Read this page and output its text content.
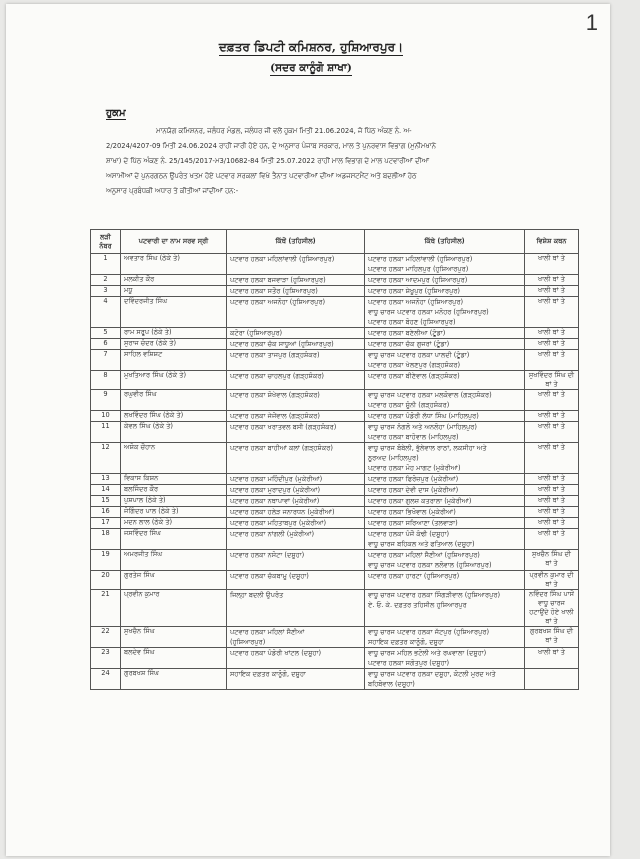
1
ਦਫ਼ਤਰ ਡਿਪਟੀ ਕਮਿਸ਼ਨਰ, ਹੁਸ਼ਿਆਰਪੁਰ।
(ਸਦਰ ਕਾਨੂੰਗੋ ਸ਼ਾਖਾ)
ਹੁਕਮ
ਮਾਨਯੋਗ ਕਮਿਸ਼ਨਰ, ਜਲੰਧਰ ਮੰਡਲ, ਜਲੰਧਰ ਜੀ ਵਲੋਂ ਹੁਕਮ ਮਿਤੀ 21.06.2024, ਜੋ ਪਿੱਠ ਅੰਕਣ ਨੰ. ਅ-
2/2024/4207-09 ਮਿਤੀ 24.06.2024 ਰਾਹੀਂ ਜਾਰੀ ਹੋਏ ਹਨ, ਦੇ ਅਨੁਸਾਰ ਪੰਜਾਬ ਸਰਕਾਰ, ਮਾਲ ਤੇ ਪੁਨਰਵਾਸ ਵਿਭਾਗ (ਮੁਨੀਮਖਾਨੇ
ਸ਼ਾਖਾ) ਦੇ ਪਿੱਠ ਅੰਕਣ ਨੰ. 25/145/2017-ਮ3/10682-84 ਮਿਤੀ 25.07.2022 ਰਾਹੀਂ ਮਾਲ ਵਿਭਾਗ ਦੇ ਮਾਲ ਪਟਵਾਰੀਆਂ ਦੀਆਂ
ਅਸਾਮੀਆਂ ਦੇ ਪੁਨਰਗਠਨ ਉਪਰੰਤ ਖਤਮ ਹੋਏ ਪਟਵਾਰ ਸਰਕਲਾਂ ਵਿਖੇ ਤੈਨਾਤ ਪਟਵਾਰੀਆਂ ਦੀਆਂ ਅਡਜਸਟਮੈਂਟ ਅਤੇ ਬਦਲੀਆਂ ਹੇਠ
ਅਨੁਸਾਰ ਪ੍ਰਬੰਧਕੀ ਅਧਾਰ ਤੇ ਕੀਤੀਆਂ ਜਾਂਦੀਆਂ ਹਨ:-
ਲੜੀ ਨੰਬਰ	ਪਟਵਾਰੀ ਦਾ ਨਾਮ ਸਰਵ ਸ੍ਰੀ	ਕਿੱਥੋਂ (ਤਹਿਸੀਲ)	ਕਿੱਥੇ (ਤਹਿਸੀਲ)	ਵਿਸ਼ੇਸ਼ ਕਥਨ
1	ਅਵਤਾਰ ਸਿੰਘ (ਠੇਕੇ ਤੇ)	ਪਟਵਾਰ ਹਲਕਾ ਮਹਿਲਾਂਵਾਲੀ (ਹੁਸ਼ਿਆਰਪੁਰ)	ਪਟਵਾਰ ਹਲਕਾ ਮਹਿਲਾਂਵਾਲੀ (ਹੁਸ਼ਿਆਰਪੁਰ)
ਪਟਵਾਰ ਹਲਕਾ ਮਾਹਿਲਪੁਰ (ਹੁਸ਼ਿਆਰਪੁਰ)	ਖਾਲੀ ਥਾਂ ਤੇ
2	ਮਲਕੀਤ ਕੌਰ	ਪਟਵਾਰ ਹਲਕਾ ਬਜਵਾੜਾ (ਹੁਸ਼ਿਆਰਪੁਰ)	ਪਟਵਾਰ ਹਲਕਾ ਆਦਮਪੁਰ (ਹੁਸ਼ਿਆਰਪੁਰ)	ਖਾਲੀ ਥਾਂ ਤੇ
3	ਮਧੂ	ਪਟਵਾਰ ਹਲਕਾ ਸਤੌਰ (ਹੁਸ਼ਿਆਰਪੁਰ)	ਪਟਵਾਰ ਹਲਕਾ ਸ਼ੇਖੂਪੁਰ (ਹੁਸ਼ਿਆਰਪੁਰ)	ਖਾਲੀ ਥਾਂ ਤੇ
4	ਦਵਿੰਦਰਜੀਤ ਸਿੰਘ	ਪਟਵਾਰ ਹਲਕਾ ਅਜਨੋਹਾ (ਹੁਸ਼ਿਆਰਪੁਰ)	ਪਟਵਾਰ ਹਲਕਾ ਅਜਨੋਹਾ (ਹੁਸ਼ਿਆਰਪੁਰ)
ਵਾਧੂ ਚਾਰਜ ਪਟਵਾਰ ਹਲਕਾ ਮਨੋਹਰ (ਹੁਸ਼ਿਆਰਪੁਰ)
ਪਟਵਾਰ ਹਲਕਾ ਬੋਹਣ (ਹੁਸ਼ਿਆਰਪੁਰ)	ਖਾਲੀ ਥਾਂ ਤੇ
5	ਰਾਮ ਸਰੂਪ (ਠੇਕੇ ਤੇ)	ਕਟੋਰਾ (ਹੁਸ਼ਿਆਰਪੁਰ)	ਪਟਵਾਰ ਹਲਕਾ ਬਣੇਲੀਆ (ਟੂੰਡਾ)	ਖਾਲੀ ਥਾਂ ਤੇ
6	ਸੁਰਾਜ ਚੰਦਰ (ਠੇਕੇ ਤੇ)	ਪਟਵਾਰ ਹਲਕਾ ਚੱਕ ਸਾਧੂਆਂ (ਹੁਸ਼ਿਆਰਪੁਰ)	ਪਟਵਾਰ ਹਲਕਾ ਚੱਕ ਗੁਜਰਾਂ (ਟੂੰਡਾ)	ਖਾਲੀ ਥਾਂ ਤੇ
7	ਸਾਹਿਲ ਵਸ਼ਿਸ਼ਟ	ਪਟਵਾਰ ਹਲਕਾ ਤਾਜਪੁਰ (ਗੜ੍ਹਸ਼ੰਕਰ)	ਵਾਧੂ ਚਾਰਜ ਪਟਵਾਰ ਹਲਕਾ ਪਾਲਦੀ (ਟੂੰਡਾ)
ਪਟਵਾਰ ਹਲਕਾ ਖੇਲਣਪੁਰ (ਗੜ੍ਹਸ਼ੰਕਰ)	ਖਾਲੀ ਥਾਂ ਤੇ
8	ਮੁਖਤਿਆਰ ਸਿੰਘ (ਠੇਕੇ ਤੇ)	ਪਟਵਾਰ ਹਲਕਾ ਚਾਹਲਪੁਰ (ਗੜ੍ਹਸ਼ੰਕਰ)	ਪਟਵਾਰ ਹਲਕਾ ਬੀਣੇਵਾਲ (ਗੜ੍ਹਸ਼ੰਕਰ)	ਸੁਖਵਿੰਦਰ ਸਿੰਘ ਦੀ ਥਾਂ ਤੇ
9	ਰਘੁਵੀਰ ਸਿੰਘ	ਪਟਵਾਰ ਹਲਕਾ ਸ਼ੋਖੇਵਾਲ (ਗੜ੍ਹਸ਼ੰਕਰ)	ਵਾਧੂ ਚਾਰਜ ਪਟਵਾਰ ਹਲਕਾ ਮਲਕੋਵਾਲ (ਗੜ੍ਹਸ਼ੰਕਰ)
ਪਟਵਾਰ ਹਲਕਾ ਸੂੰਨੀ (ਗੜ੍ਹਸ਼ੰਕਰ)	ਖਾਲੀ ਥਾਂ ਤੇ
10	ਲਖਵਿੰਦਰ ਸਿੰਘ (ਠੇਕੇ ਤੇ)	ਪਟਵਾਰ ਹਲਕਾ ਜੇਜੋਂਵਾਲ (ਗੜ੍ਹਸ਼ੰਕਰ)	ਪਟਵਾਰ ਹਲਕਾ ਪੰਡੋਰੀ ਲੱਧਾ ਸਿੰਘ (ਮਾਹਿਲਪੁਰ)	ਖਾਲੀ ਥਾਂ ਤੇ
11	ਕੇਵਲ ਸਿੰਘ (ਠੇਕੇ ਤੇ)	ਪਟਵਾਰ ਹਲਕਾ ਖਰਾਤਵਲ ਬਸੀ (ਗੜ੍ਹਸ਼ੰਕਰ)	ਵਾਧੂ ਚਾਰਜ ਨੰਗਲੋ ਅਤੇ ਅਨਲੋਹਾ (ਮਾਹਿਲਪੁਰ)
ਪਟਵਾਰ ਹਲਕਾ ਬਾਹੋਵਾਲ (ਮਾਹਿਲਪੁਰ)	ਖਾਲੀ ਥਾਂ ਤੇ
12	ਅਸ਼ੋਕ ਚੌਹਾਨ	ਪਟਵਾਰ ਹਲਕਾ ਬਾਹੀਆਂ ਕਲਾਂ (ਗੜ੍ਹਸ਼ੰਕਰ)	ਵਾਧੂ ਚਾਰਜ ਬੰਬੇਲੀ, ਭੁੱਲੇਵਾਲ ਰਾਠਾਂ, ਲਕਸੀਹਾ ਅਤੇ
ਨੂਰਅਦ (ਮਾਹਿਲਪੁਰ)
ਪਟਵਾਰ ਹਲਕਾ ਮੋਹ ਮਾਗਟ (ਮੁਕੇਰੀਆਂ)	ਖਾਲੀ ਥਾਂ ਤੇ
13	ਵਿਕਾਸ ਕਿਸ਼ਨ	ਪਟਵਾਰ ਹਲਕਾ ਮਹਿੰਦੀਪੁਰ (ਮੁਕੇਰੀਆਂ)	ਪਟਵਾਰ ਹਲਕਾ ਫਿਰੋਜ਼ਪੁਰ (ਮੁਕੇਰੀਆਂ)	ਖਾਲੀ ਥਾਂ ਤੇ
14	ਬਲਜਿੰਦਰ ਕੌਰ	ਪਟਵਾਰ ਹਲਕਾ ਮੁਰਾਦਪੁਰ (ਮੁਕੇਰੀਆਂ)	ਪਟਵਾਰ ਹਲਕਾ ਦੇਵੀ ਦਾਸ (ਮੁਕੇਰੀਆਂ)	ਖਾਲੀ ਥਾਂ ਤੇ
15	ਪੁਸ਼ਪਾਲ (ਠੇਕੇ ਤੇ)	ਪਟਵਾਰ ਹਲਕਾ ਨਥਾਪਾਵਾਂ (ਮੁਕੇਰੀਆਂ)	ਪਟਵਾਰ ਹਲਕਾ ਗੁਲਜ਼ ਕਤਰਾਲਾ (ਮੁਕੇਰੀਆਂ)	ਖਾਲੀ ਥਾਂ ਤੇ
16	ਜੋਗਿੰਦਰ ਪਾਲ (ਠੇਕੇ ਤੇ)	ਪਟਵਾਰ ਹਲਕਾ ਹਲੇੜ ਜਨਾਰਧਨ (ਮੁਕੇਰੀਆਂ)	ਪਟਵਾਰ ਹਲਕਾ ਭਿਖੋਵਾਲ (ਮੁਕੇਰੀਆਂ)	ਖਾਲੀ ਥਾਂ ਤੇ
17	ਮਦਨ ਲਾਲ (ਠੇਕੇ ਤੇ)	ਪਟਵਾਰ ਹਲਕਾ ਮਹਿਤਾਬਪੁਰ (ਮੁਕੇਰੀਆਂ)	ਪਟਵਾਰ ਹਲਕਾ ਸਰਿਆਣਾ (ਤਲਵਾੜਾ)	ਖਾਲੀ ਥਾਂ ਤੇ
18	ਜਸਵਿੰਦਰ ਸਿੰਘ	ਪਟਵਾਰ ਹਲਕਾ ਨਾਂਗਲੀ (ਮੁਕੇਰੀਆਂ)	ਪਟਵਾਰ ਹਲਕਾ ਪੰਜੌ ਕੰਢੀ (ਦਸੂਹਾ)
ਵਾਧੂ ਚਾਰਜ ਬਹਿਕਲ ਅਤੇ ਫਤਿਆਲ (ਦਸੂਹਾ)	ਖਾਲੀ ਥਾਂ ਤੇ
19	ਅਮਰਜੀਤ ਸਿੰਘ	ਪਟਵਾਰ ਹਲਕਾ ਨਸੋਟਾ (ਦਸੂਹਾ)	ਪਟਵਾਰ ਹਲਕਾ ਮਹਿਲਾਂ ਸੈਣੀਆਂ (ਹੁਸ਼ਿਆਰਪੁਰ)
ਵਾਧੂ ਚਾਰਜ ਪਟਵਾਰ ਹਲਕਾ ਲਲੋਵਾਲ (ਹੁਸ਼ਿਆਰਪੁਰ)	ਸੁਖਚੈਨ ਸਿੰਘ ਦੀ ਥਾਂ ਤੇ
20	ਗੁਰਤੇਜ ਸਿੰਘ	ਪਟਵਾਰ ਹਲਕਾ ਚੱਕਬਾਮੂ (ਦਸੂਹਾ)	ਪਟਵਾਰ ਹਲਕਾ ਹਾਰਟਾ (ਹੁਸ਼ਿਆਰਪੁਰ)	ਪ੍ਰਵੀਨ ਕੁਮਾਰ ਦੀ ਥਾਂ ਤੇ
21	ਪ੍ਰਵੀਨ ਕੁਮਾਰ	ਜਿਲ੍ਹਾ ਬਦਲੀ ਉਪਰੰਤ	ਵਾਧੂ ਚਾਰਜ ਪਟਵਾਰ ਹਲਕਾ ਸਿੰਗੜੀਵਾਲ (ਹੁਸ਼ਿਆਰਪੁਰ)
ਏ. ਓ. ਕੇ. ਦਫ਼ਤਰ ਤਹਿਸੀਲ ਹੁਸ਼ਿਆਰਪੁਰ	ਨਵਿੰਦਰ ਸਿੰਘ ਪਾਸੋਂ ਵਾਧੂ ਚਾਰਜ ਹਟਾਉਂਦੇ ਹੋਏ ਖਾਲੀ ਥਾਂ ਤੇ
22	ਸੁਖਚੈਨ ਸਿੰਘ	ਪਟਵਾਰ ਹਲਕਾ ਮਹਿਲਾਂ ਸੈਣੀਆਂ
(ਹੁਸ਼ਿਆਰਪੁਰ)	ਵਾਧੂ ਚਾਰਜ ਪਟਵਾਰ ਹਲਕਾ ਜੱਟਪੁਰ (ਹੁਸ਼ਿਆਰਪੁਰ)
ਸਹਾਇਕ ਦਫ਼ਤਰ ਕਾਨੂੰਗੋ, ਦਸੂਹਾ	ਗੁਰਬਖਸ਼ ਸਿੰਘ ਦੀ ਥਾਂ ਤੇ
23	ਬਲਦੇਵ ਸਿੰਘ	ਪਟਵਾਰ ਹਲਕਾ ਪੰਡੋਰੀ ਖਾਂਟਲ (ਦਸੂਹਾ)	ਵਾਧੂ ਚਾਰਜ ਮਹਿਲ ਭਟੋਲੀ ਅਤੇ ਰਘਵਾਲਾ (ਦਸੂਹਾ)
ਪਟਵਾਰ ਹਲਕਾ ਸਗੋਤਪੁਰ (ਦਸੂਹਾ)	ਖਾਲੀ ਥਾਂ ਤੇ
24	ਗੁਰਬਖਸ਼ ਸਿੰਘ	ਸਹਾਇਕ ਦਫ਼ਤਰ ਕਾਨੂੰਗੋ, ਦਸੂਹਾ	ਵਾਧੂ ਚਾਰਜ ਪਟਵਾਰ ਹਲਕਾ ਦਸੂਹਾ, ਕੋਟਲੀ ਮੁਰਦ ਅਤੇ
ਬਹਿਬੋਵਾਲ (ਦਸੂਹਾ)	
